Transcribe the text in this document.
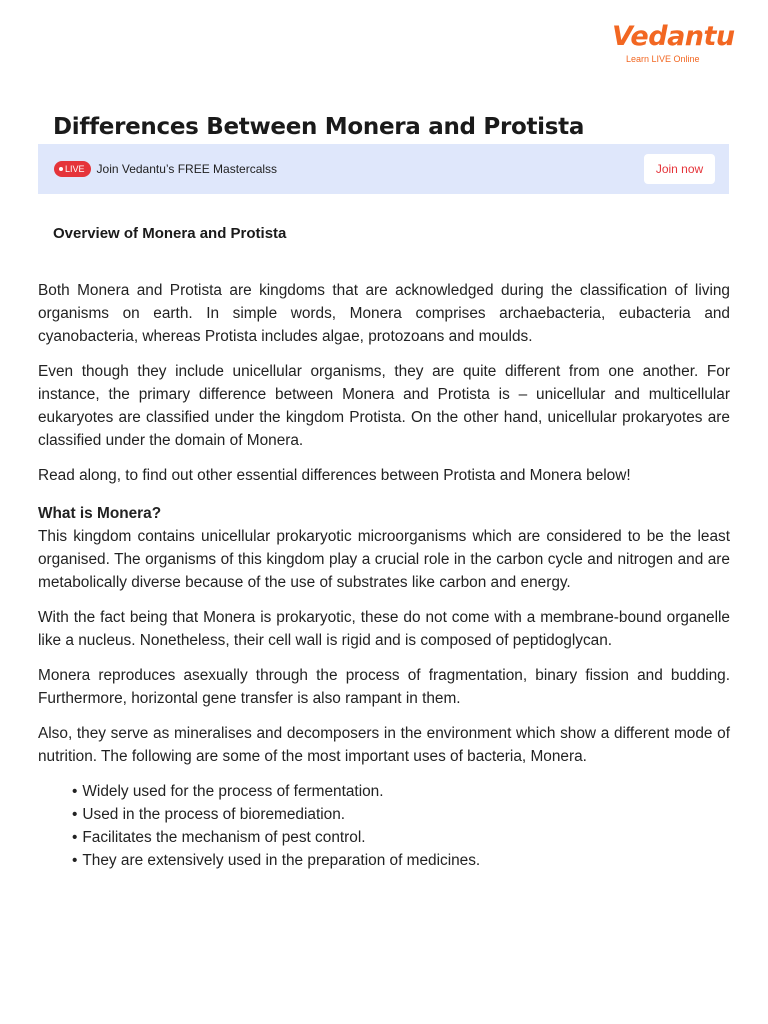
Vedantu
Learn LIVE Online
Differences Between Monera and Protista
LIVE Join Vedantu’s FREE Mastercalss	Join now
Overview of Monera and Protista

Both Monera and Protista are kingdoms that are acknowledged during the classification of living organisms on earth. In simple words, Monera comprises archaebacteria, eubacteria and cyanobacteria, whereas Protista includes algae, protozoans and moulds.

Even though they include unicellular organisms, they are quite different from one another. For instance, the primary difference between Monera and Protista is – unicellular and multicellular eukaryotes are classified under the kingdom Protista. On the other hand, unicellular prokaryotes are classified under the domain of Monera.

Read along, to find out other essential differences between Protista and Monera below!

What is Monera?

This kingdom contains unicellular prokaryotic microorganisms which are considered to be the least organised. The organisms of this kingdom play a crucial role in the carbon cycle and nitrogen and are metabolically diverse because of the use of substrates like carbon and energy.

With the fact being that Monera is prokaryotic, these do not come with a membrane-bound organelle like a nucleus. Nonetheless, their cell wall is rigid and is composed of peptidoglycan.

Monera reproduces asexually through the process of fragmentation, binary fission and budding. Furthermore, horizontal gene transfer is also rampant in them.

Also, they serve as mineralises and decomposers in the environment which show a different mode of nutrition. The following are some of the most important uses of bacteria, Monera.

• Widely used for the process of fermentation.
• Used in the process of bioremediation.
• Facilitates the mechanism of pest control.
• They are extensively used in the preparation of medicines.
